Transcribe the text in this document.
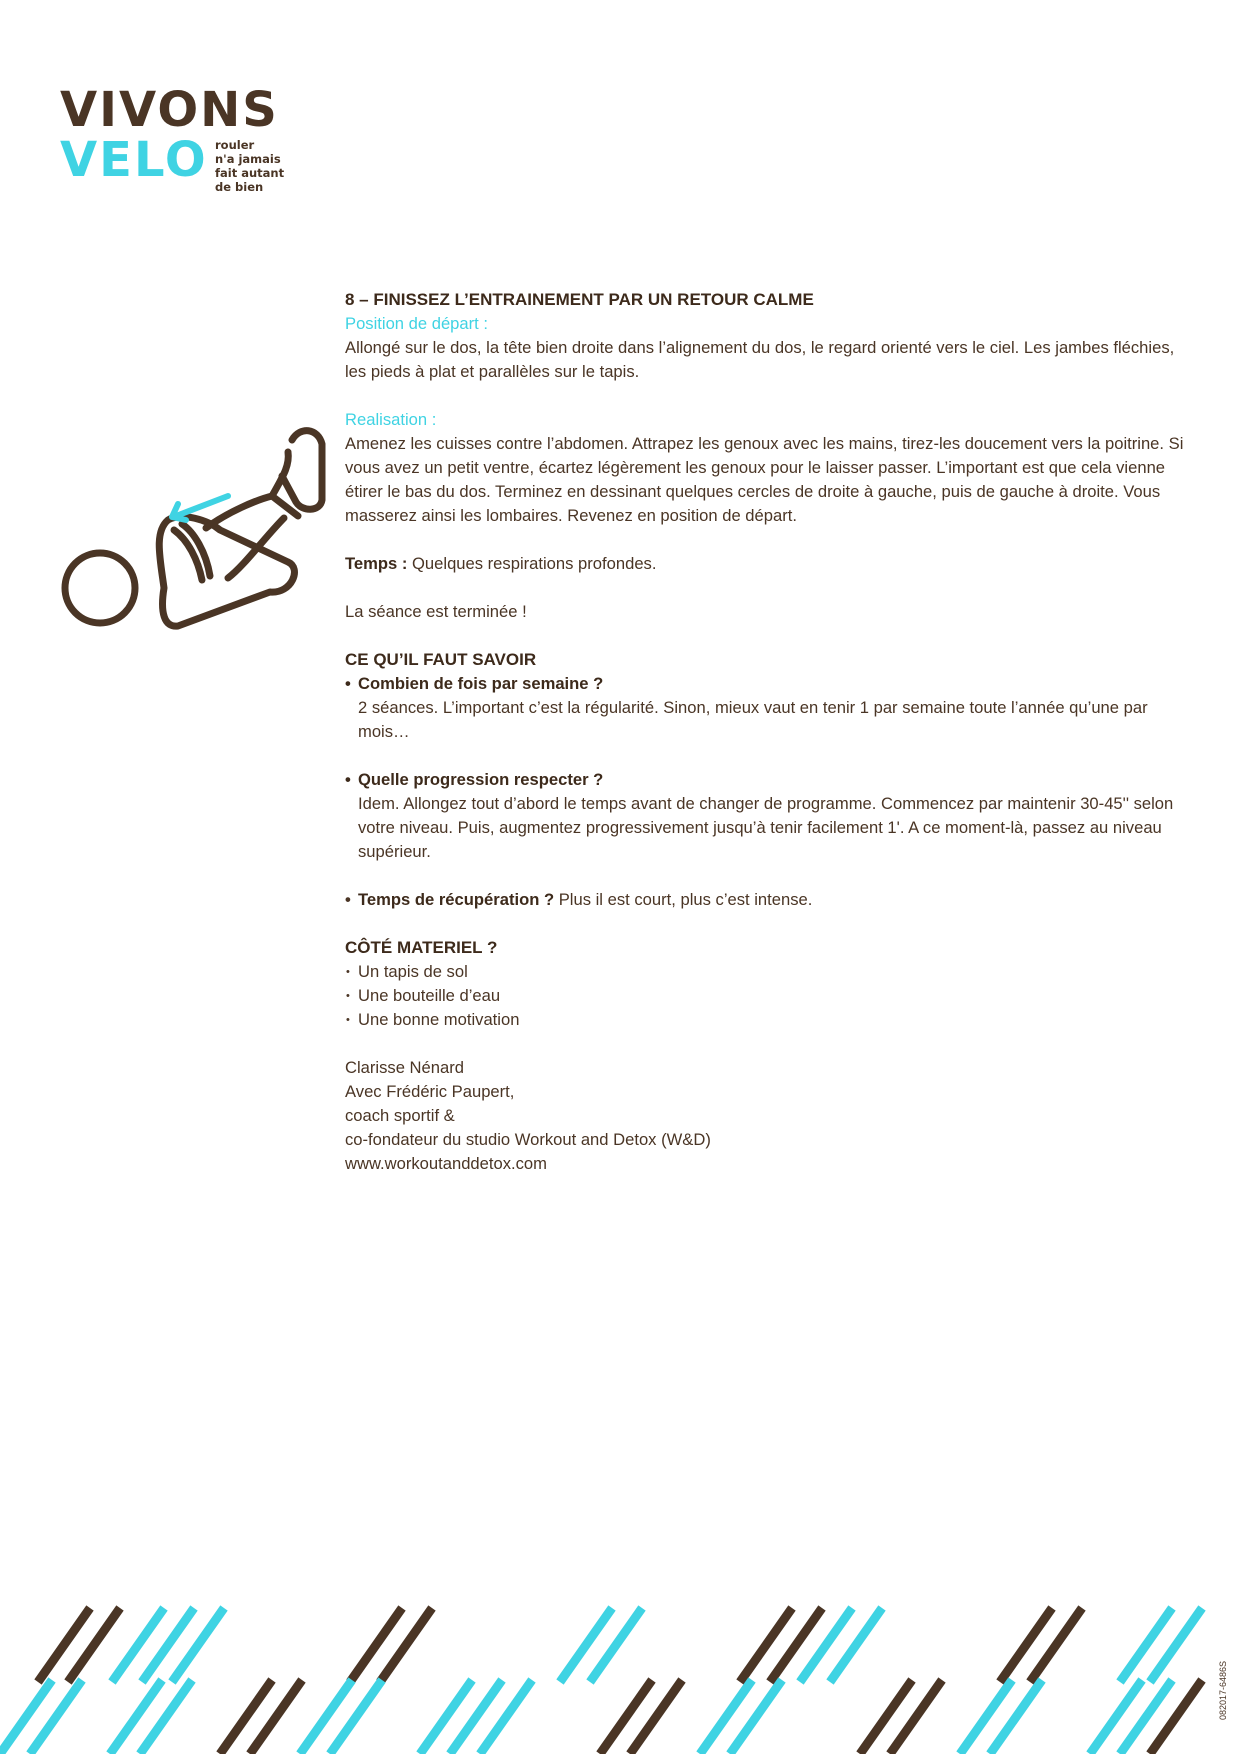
VIVONS
VELO rouler
n'a jamais
fait autant
de bien

8 – FINISSEZ L’ENTRAINEMENT PAR UN RETOUR CALME

Position de départ :

Allongé sur le dos, la tête bien droite dans l’alignement du dos, le regard orienté vers le ciel. Les jambes fléchies, les pieds à plat et parallèles sur le tapis.

Realisation :

Amenez les cuisses contre l’abdomen. Attrapez les genoux avec les mains, tirez-les doucement vers la poitrine. Si vous avez un petit ventre, écartez légèrement les genoux pour le laisser passer. L’important est que cela vienne étirer le bas du dos. Terminez en dessinant quelques cercles de droite à gauche, puis de gauche à droite. Vous masserez ainsi les lombaires. Revenez en position de départ.

Temps : Quelques respirations profondes.

La séance est terminée !

CE QU’IL FAUT SAVOIR

• Combien de fois par semaine ?

2 séances. L’important c’est la régularité. Sinon, mieux vaut en tenir 1 par semaine toute l’année qu’une par mois…

• Quelle progression respecter ?

Idem. Allongez tout d’abord le temps avant de changer de programme. Commencez par maintenir 30-45'' selon votre niveau. Puis, augmentez progressivement jusqu’à tenir facilement 1'. A ce moment-là, passez au niveau supérieur.

• Temps de récupération ? Plus il est court, plus c’est intense.

CÔTÉ MATERIEL ?

• Un tapis de sol

• Une bouteille d’eau

• Une bonne motivation

Clarisse Nénard

Avec Frédéric Paupert,

coach sportif &

co-fondateur du studio Workout and Detox (W&D)

www.workoutanddetox.com

082017-6486S
